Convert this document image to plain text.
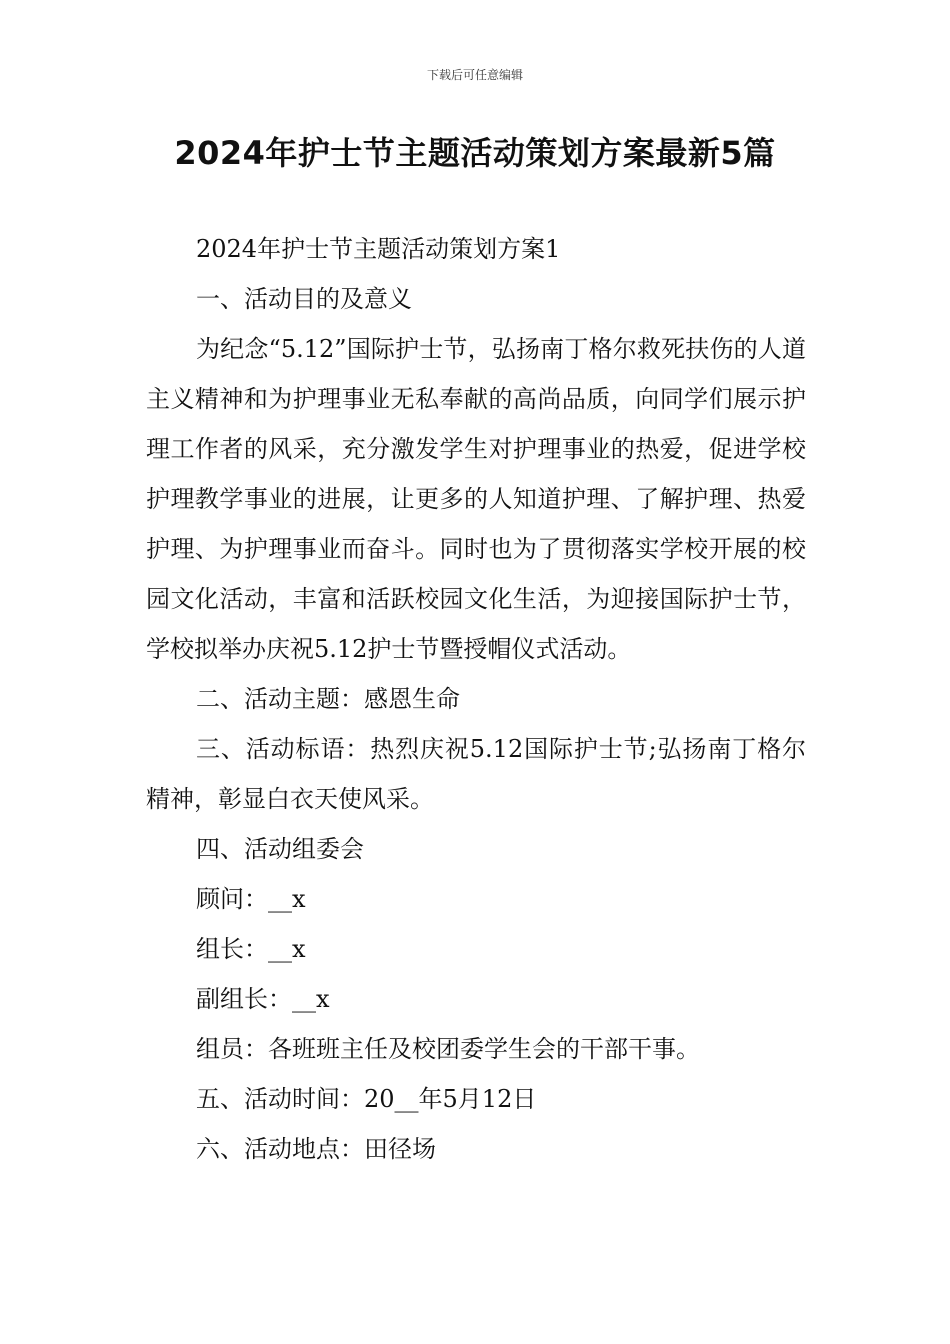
下载后可任意编辑
2024年护士节主题活动策划方案最新5篇

2024年护士节主题活动策划方案1

一、活动目的及意义

为纪念“5.12”国际护士节，弘扬南丁格尔救死扶伤的人道主义精神和为护理事业无私奉献的高尚品质，向同学们展示护理工作者的风采，充分激发学生对护理事业的热爱，促进学校护理教学事业的进展，让更多的人知道护理、了解护理、热爱护理、为护理事业而奋斗。同时也为了贯彻落实学校开展的校园文化活动，丰富和活跃校园文化生活，为迎接国际护士节，学校拟举办庆祝5.12护士节暨授帽仪式活动。

二、活动主题：感恩生命

三、活动标语：热烈庆祝5.12国际护士节;弘扬南丁格尔精神，彰显白衣天使风采。

四、活动组委会

顾问：__x

组长：__x

副组长：__x

组员：各班班主任及校团委学生会的干部干事。

五、活动时间：20__年5月12日

六、活动地点：田径场
